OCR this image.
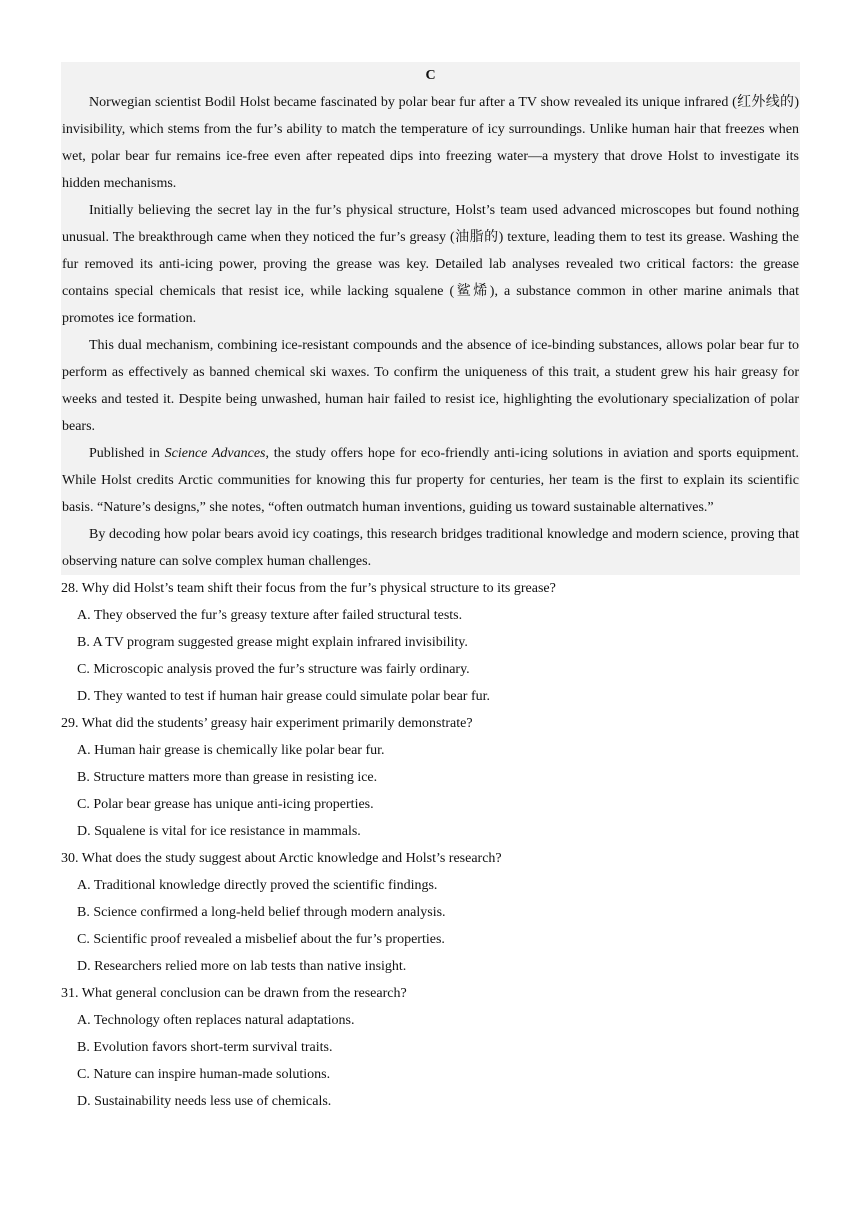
C

Norwegian scientist Bodil Holst became fascinated by polar bear fur after a TV show revealed its unique infrared (红外线的) invisibility, which stems from the fur’s ability to match the temperature of icy surroundings. Unlike human hair that freezes when wet, polar bear fur remains ice-free even after repeated dips into freezing water—a mystery that drove Holst to investigate its hidden mechanisms.

Initially believing the secret lay in the fur’s physical structure, Holst’s team used advanced microscopes but found nothing unusual. The breakthrough came when they noticed the fur’s greasy (油脂的) texture, leading them to test its grease. Washing the fur removed its anti-icing power, proving the grease was key. Detailed lab analyses revealed two critical factors: the grease contains special chemicals that resist ice, while lacking squalene (鲨烯), a substance common in other marine animals that promotes ice formation.

This dual mechanism, combining ice-resistant compounds and the absence of ice-binding substances, allows polar bear fur to perform as effectively as banned chemical ski waxes. To confirm the uniqueness of this trait, a student grew his hair greasy for weeks and tested it. Despite being unwashed, human hair failed to resist ice, highlighting the evolutionary specialization of polar bears.

Published in Science Advances, the study offers hope for eco-friendly anti-icing solutions in aviation and sports equipment. While Holst credits Arctic communities for knowing this fur property for centuries, her team is the first to explain its scientific basis. “Nature’s designs,” she notes, “often outmatch human inventions, guiding us toward sustainable alternatives.”

By decoding how polar bears avoid icy coatings, this research bridges traditional knowledge and modern science, proving that observing nature can solve complex human challenges.

28. Why did Holst’s team shift their focus from the fur’s physical structure to its grease?

A. They observed the fur’s greasy texture after failed structural tests.

B. A TV program suggested grease might explain infrared invisibility.

C. Microscopic analysis proved the fur’s structure was fairly ordinary.

D. They wanted to test if human hair grease could simulate polar bear fur.

29. What did the students’ greasy hair experiment primarily demonstrate?

A. Human hair grease is chemically like polar bear fur.

B. Structure matters more than grease in resisting ice.

C. Polar bear grease has unique anti-icing properties.

D. Squalene is vital for ice resistance in mammals.

30. What does the study suggest about Arctic knowledge and Holst’s research?

A. Traditional knowledge directly proved the scientific findings.

B. Science confirmed a long-held belief through modern analysis.

C. Scientific proof revealed a misbelief about the fur’s properties.

D. Researchers relied more on lab tests than native insight.

31. What general conclusion can be drawn from the research?

A. Technology often replaces natural adaptations.

B. Evolution favors short-term survival traits.

C. Nature can inspire human-made solutions.

D. Sustainability needs less use of chemicals.
